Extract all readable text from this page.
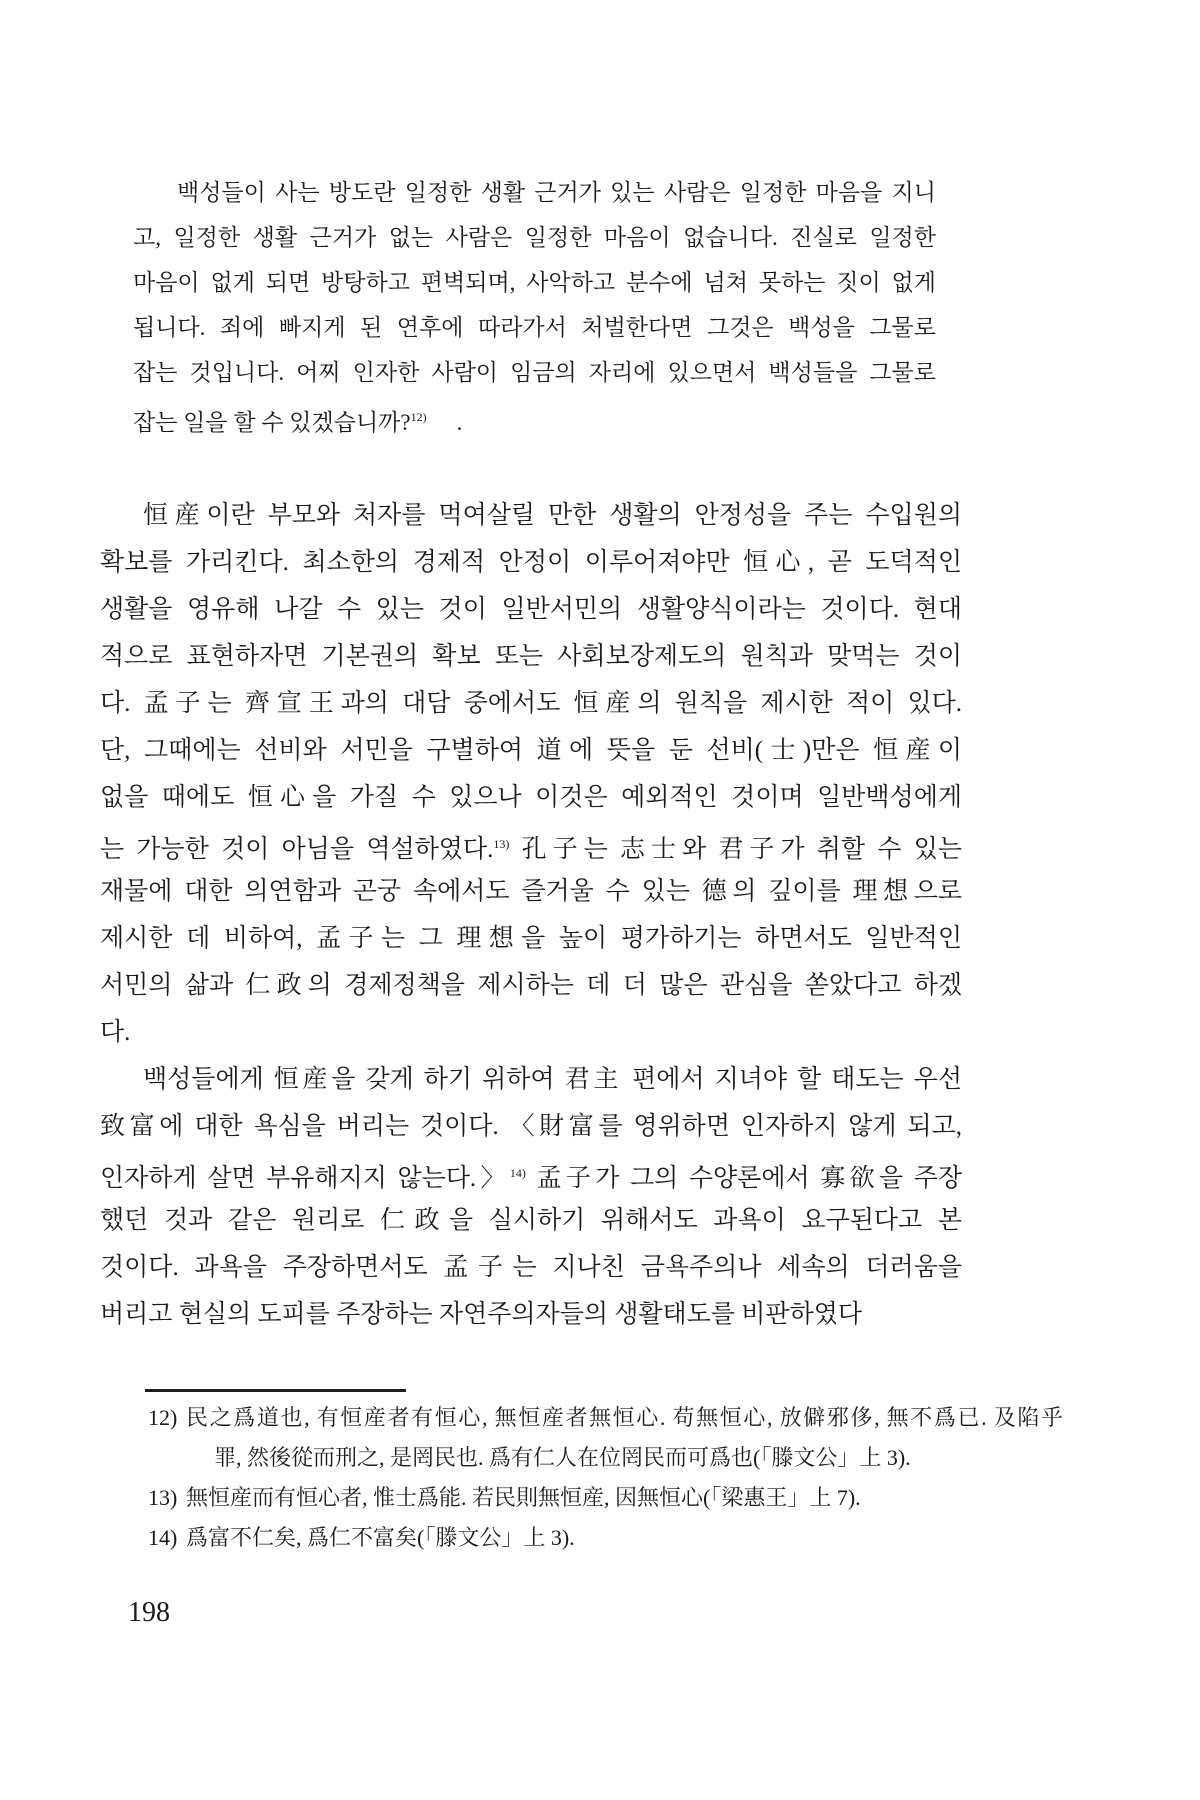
백성들이 사는 방도란 일정한 생활 근거가 있는 사람은 일정한 마음을 지니
고, 일정한 생활 근거가 없는 사람은 일정한 마음이 없습니다. 진실로 일정한
마음이 없게 되면 방탕하고 편벽되며, 사악하고 분수에 넘쳐 못하는 짓이 없게
됩니다. 죄에 빠지게 된 연후에 따라가서 처벌한다면 그것은 백성을 그물로
잡는 것입니다. 어찌 인자한 사람이 임금의 자리에 있으면서 백성들을 그물로
잡는 일을 할 수 있겠습니까?$^{12)}$ .
恒産이란 부모와 처자를 먹여살릴 만한 생활의 안정성을 주는 수입원의
확보를 가리킨다. 최소한의 경제적 안정이 이루어져야만 恒心, 곧 도덕적인
생활을 영유해 나갈 수 있는 것이 일반서민의 생활양식이라는 것이다. 현대
적으로 표현하자면 기본권의 확보 또는 사회보장제도의 원칙과 맞먹는 것이
다. 孟子는 齊宣王과의 대담 중에서도 恒産의 원칙을 제시한 적이 있다.
단, 그때에는 선비와 서민을 구별하여 道에 뜻을 둔 선비(士)만은 恒産이
없을 때에도 恒心을 가질 수 있으나 이것은 예외적인 것이며 일반백성에게
는 가능한 것이 아님을 역설하였다.$^{13)}$ 孔子는 志士와 君子가 취할 수 있는
재물에 대한 의연함과 곤궁 속에서도 즐거울 수 있는 德의 깊이를 理想으로
제시한 데 비하여, 孟子는 그 理想을 높이 평가하기는 하면서도 일반적인
서민의 삶과 仁政의 경제정책을 제시하는 데 더 많은 관심을 쏟았다고 하겠
다.
백성들에게 恒産을 갖게 하기 위하여 君主 편에서 지녀야 할 태도는 우선
致富에 대한 욕심을 버리는 것이다. 〈財富를 영위하면 인자하지 않게 되고,
인자하게 살면 부유해지지 않는다.〉$^{14)}$ 孟子가 그의 수양론에서 寡欲을 주장
했던 것과 같은 원리로 仁政을 실시하기 위해서도 과욕이 요구된다고 본
것이다. 과욕을 주장하면서도 孟子는 지나친 금욕주의나 세속의 더러움을
버리고 현실의 도피를 주장하는 자연주의자들의 생활태도를 비판하였다
12) 民之爲道也, 有恒産者有恒心, 無恒産者無恒心. 苟無恒心, 放僻邪侈, 無不爲已. 及陷乎
罪, 然後從而刑之, 是罔民也. 爲有仁人在位罔民而可爲也(「滕文公」上 3).
13) 無恒産而有恒心者, 惟士爲能. 若民則無恒産, 因無恒心(「梁惠王」上 7).
14) 爲富不仁矣, 爲仁不富矣(「滕文公」上 3).
198
